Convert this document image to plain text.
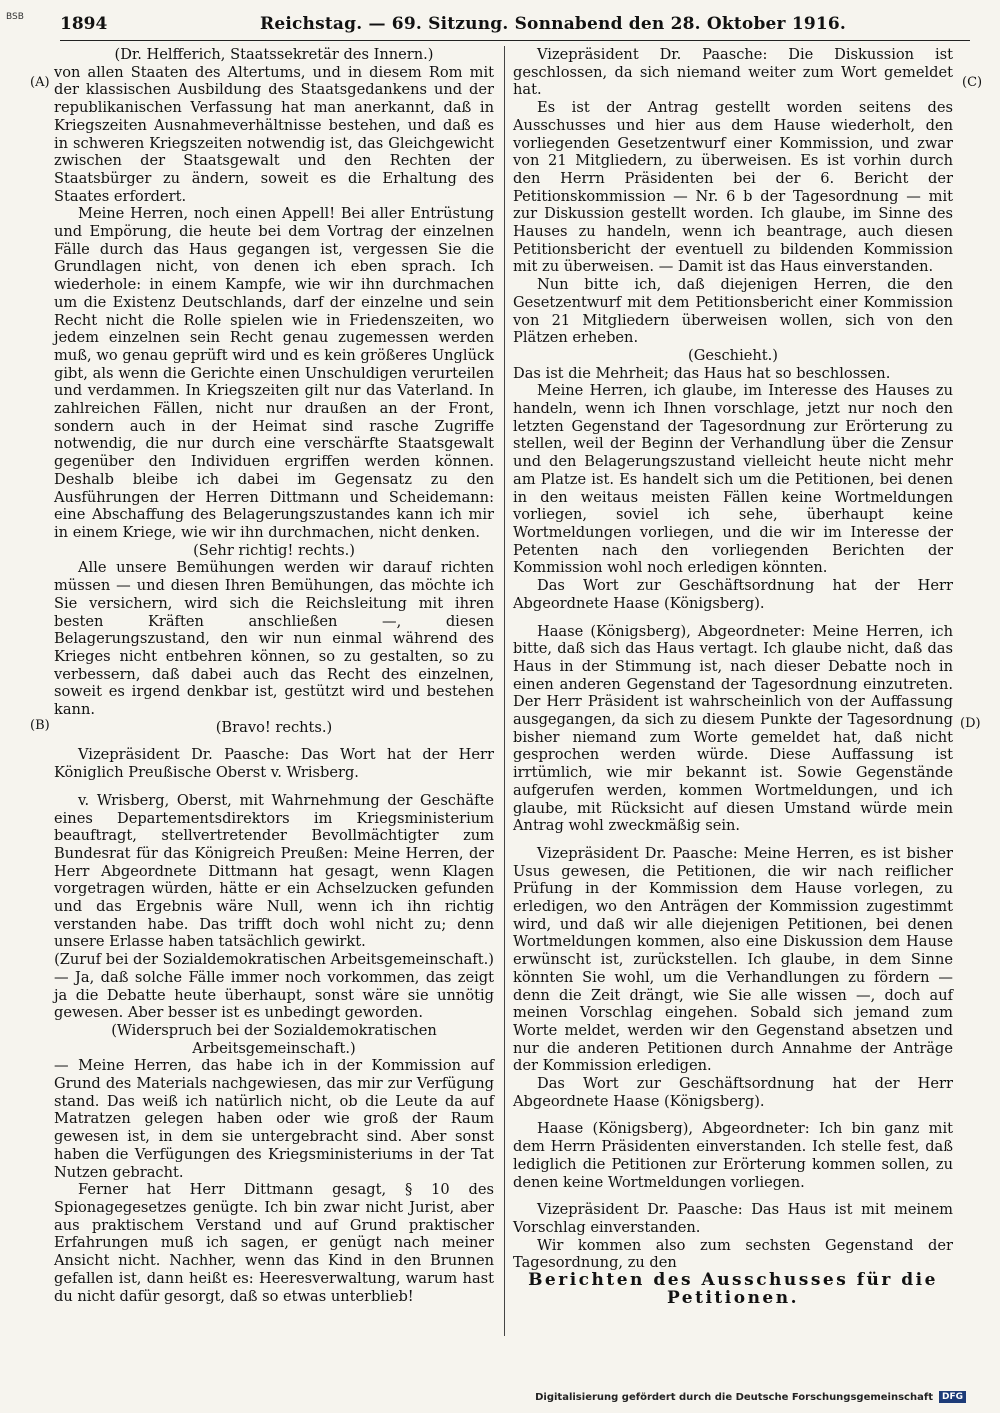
BSB 1894	Reichstag. — 69. Sitzung. Sonnabend den 28. Oktober 1916.
(A)
(B)
(C)
(D)

(Dr. Helfferich, Staatssekretär des Innern.)

von allen Staaten des Altertums, und in diesem Rom mit der klassischen Ausbildung des Staatsgedankens und der republikanischen Verfassung hat man anerkannt, daß in Kriegszeiten Ausnahmeverhältnisse bestehen, und daß es in schweren Kriegszeiten notwendig ist, das Gleichgewicht zwischen der Staatsgewalt und den Rechten der Staatsbürger zu ändern, soweit es die Erhaltung des Staates erfordert.

Meine Herren, noch einen Appell! Bei aller Entrüstung und Empörung, die heute bei dem Vortrag der einzelnen Fälle durch das Haus gegangen ist, vergessen Sie die Grundlagen nicht, von denen ich eben sprach. Ich wiederhole: in einem Kampfe, wie wir ihn durchmachen um die Existenz Deutschlands, darf der einzelne und sein Recht nicht die Rolle spielen wie in Friedenszeiten, wo jedem einzelnen sein Recht genau zugemessen werden muß, wo genau geprüft wird und es kein größeres Unglück gibt, als wenn die Gerichte einen Unschuldigen verurteilen und verdammen. In Kriegszeiten gilt nur das Vaterland. In zahlreichen Fällen, nicht nur draußen an der Front, sondern auch in der Heimat sind rasche Zugriffe notwendig, die nur durch eine verschärfte Staatsgewalt gegenüber den Individuen ergriffen werden können. Deshalb bleibe ich dabei im Gegensatz zu den Ausführungen der Herren Dittmann und Scheidemann: eine Abschaffung des Belagerungszustandes kann ich mir in einem Kriege, wie wir ihn durchmachen, nicht denken.

(Sehr richtig! rechts.)

Alle unsere Bemühungen werden wir darauf richten müssen — und diesen Ihren Bemühungen, das möchte ich Sie versichern, wird sich die Reichsleitung mit ihren besten Kräften anschließen —, diesen Belagerungszustand, den wir nun einmal während des Krieges nicht entbehren können, so zu gestalten, so zu verbessern, daß dabei auch das Recht des einzelnen, soweit es irgend denkbar ist, gestützt wird und bestehen kann.

(Bravo! rechts.)

Vizepräsident Dr. Paasche: Das Wort hat der Herr Königlich Preußische Oberst v. Wrisberg.

v. Wrisberg, Oberst, mit Wahrnehmung der Geschäfte eines Departementsdirektors im Kriegsministerium beauftragt, stellvertretender Bevollmächtigter zum Bundesrat für das Königreich Preußen: Meine Herren, der Herr Abgeordnete Dittmann hat gesagt, wenn Klagen vorgetragen würden, hätte er ein Achselzucken gefunden und das Ergebnis wäre Null, wenn ich ihn richtig verstanden habe. Das trifft doch wohl nicht zu; denn unsere Erlasse haben tatsächlich gewirkt.

(Zuruf bei der Sozialdemokratischen Arbeitsgemeinschaft.)

— Ja, daß solche Fälle immer noch vorkommen, das zeigt ja die Debatte heute überhaupt, sonst wäre sie unnötig gewesen. Aber besser ist es unbedingt geworden.

(Widerspruch bei der Sozialdemokratischen Arbeitsgemeinschaft.)

— Meine Herren, das habe ich in der Kommission auf Grund des Materials nachgewiesen, das mir zur Verfügung stand. Das weiß ich natürlich nicht, ob die Leute da auf Matratzen gelegen haben oder wie groß der Raum gewesen ist, in dem sie untergebracht sind. Aber sonst haben die Verfügungen des Kriegsministeriums in der Tat Nutzen gebracht.

Ferner hat Herr Dittmann gesagt, § 10 des Spionagegesetzes genügte. Ich bin zwar nicht Jurist, aber aus praktischem Verstand und auf Grund praktischer Erfahrungen muß ich sagen, er genügt nach meiner Ansicht nicht. Nachher, wenn das Kind in den Brunnen gefallen ist, dann heißt es: Heeresverwaltung, warum hast du nicht dafür gesorgt, daß so etwas unterblieb!

Vizepräsident Dr. Paasche: Die Diskussion ist geschlossen, da sich niemand weiter zum Wort gemeldet hat.

Es ist der Antrag gestellt worden seitens des Ausschusses und hier aus dem Hause wiederholt, den vorliegenden Gesetzentwurf einer Kommission, und zwar von 21 Mitgliedern, zu überweisen. Es ist vorhin durch den Herrn Präsidenten bei der 6. Bericht der Petitionskommission — Nr. 6 b der Tagesordnung — mit zur Diskussion gestellt worden. Ich glaube, im Sinne des Hauses zu handeln, wenn ich beantrage, auch diesen Petitionsbericht der eventuell zu bildenden Kommission mit zu überweisen. — Damit ist das Haus einverstanden.

Nun bitte ich, daß diejenigen Herren, die den Gesetzentwurf mit dem Petitionsbericht einer Kommission von 21 Mitgliedern überweisen wollen, sich von den Plätzen erheben.

(Geschieht.)

Das ist die Mehrheit; das Haus hat so beschlossen.

Meine Herren, ich glaube, im Interesse des Hauses zu handeln, wenn ich Ihnen vorschlage, jetzt nur noch den letzten Gegenstand der Tagesordnung zur Erörterung zu stellen, weil der Beginn der Verhandlung über die Zensur und den Belagerungszustand vielleicht heute nicht mehr am Platze ist. Es handelt sich um die Petitionen, bei denen in den weitaus meisten Fällen keine Wortmeldungen vorliegen, soviel ich sehe, überhaupt keine Wortmeldungen vorliegen, und die wir im Interesse der Petenten nach den vorliegenden Berichten der Kommission wohl noch erledigen könnten.

Das Wort zur Geschäftsordnung hat der Herr Abgeordnete Haase (Königsberg).

Haase (Königsberg), Abgeordneter: Meine Herren, ich bitte, daß sich das Haus vertagt. Ich glaube nicht, daß das Haus in der Stimmung ist, nach dieser Debatte noch in einen anderen Gegenstand der Tagesordnung einzutreten. Der Herr Präsident ist wahrscheinlich von der Auffassung ausgegangen, da sich zu diesem Punkte der Tagesordnung bisher niemand zum Worte gemeldet hat, daß nicht gesprochen werden würde. Diese Auffassung ist irrtümlich, wie mir bekannt ist. Sowie Gegenstände aufgerufen werden, kommen Wortmeldungen, und ich glaube, mit Rücksicht auf diesen Umstand würde mein Antrag wohl zweckmäßig sein.

Vizepräsident Dr. Paasche: Meine Herren, es ist bisher Usus gewesen, die Petitionen, die wir nach reiflicher Prüfung in der Kommission dem Hause vorlegen, zu erledigen, wo den Anträgen der Kommission zugestimmt wird, und daß wir alle diejenigen Petitionen, bei denen Wortmeldungen kommen, also eine Diskussion dem Hause erwünscht ist, zurückstellen. Ich glaube, in dem Sinne könnten Sie wohl, um die Verhandlungen zu fördern — denn die Zeit drängt, wie Sie alle wissen —, doch auf meinen Vorschlag eingehen. Sobald sich jemand zum Worte meldet, werden wir den Gegenstand absetzen und nur die anderen Petitionen durch Annahme der Anträge der Kommission erledigen.

Das Wort zur Geschäftsordnung hat der Herr Abgeordnete Haase (Königsberg).

Haase (Königsberg), Abgeordneter: Ich bin ganz mit dem Herrn Präsidenten einverstanden. Ich stelle fest, daß lediglich die Petitionen zur Erörterung kommen sollen, zu denen keine Wortmeldungen vorliegen.

Vizepräsident Dr. Paasche: Das Haus ist mit meinem Vorschlag einverstanden.

Wir kommen also zum sechsten Gegenstand der Tagesordnung, zu den

Berichten des Ausschusses für die Petitionen.

Digitalisierung gefördert durch die Deutsche Forschungsgemeinschaft	DFG
